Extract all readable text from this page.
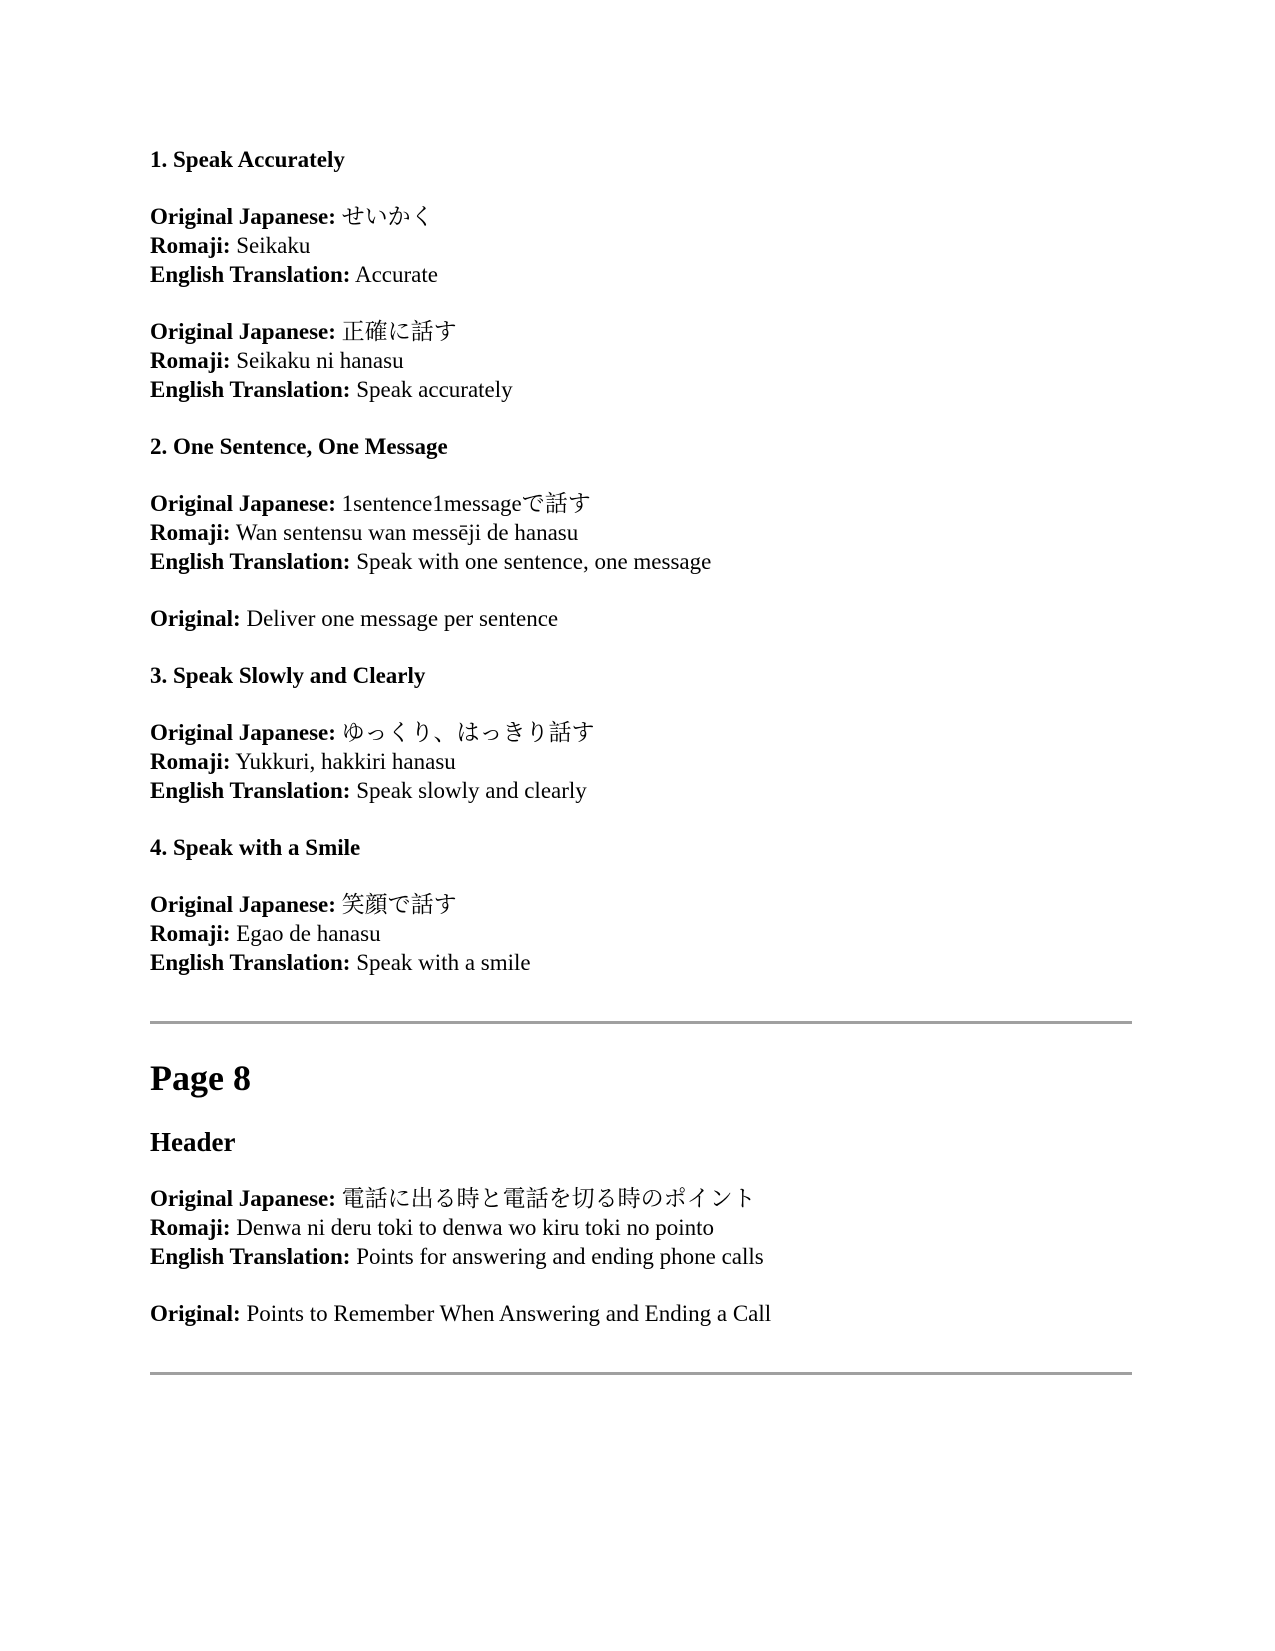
1. Speak Accurately
Original Japanese: せいかく
Romaji: Seikaku
English Translation: Accurate
Original Japanese: 正確に話す
Romaji: Seikaku ni hanasu
English Translation: Speak accurately
2. One Sentence, One Message
Original Japanese: 1sentence1messageで話す
Romaji: Wan sentensu wan messēji de hanasu
English Translation: Speak with one sentence, one message
Original: Deliver one message per sentence
3. Speak Slowly and Clearly
Original Japanese: ゆっくり、はっきり話す
Romaji: Yukkuri, hakkiri hanasu
English Translation: Speak slowly and clearly
4. Speak with a Smile
Original Japanese: 笑顔で話す
Romaji: Egao de hanasu
English Translation: Speak with a smile
Page 8
Header
Original Japanese: 電話に出る時と電話を切る時のポイント
Romaji: Denwa ni deru toki to denwa wo kiru toki no pointo
English Translation: Points for answering and ending phone calls
Original: Points to Remember When Answering and Ending a Call
